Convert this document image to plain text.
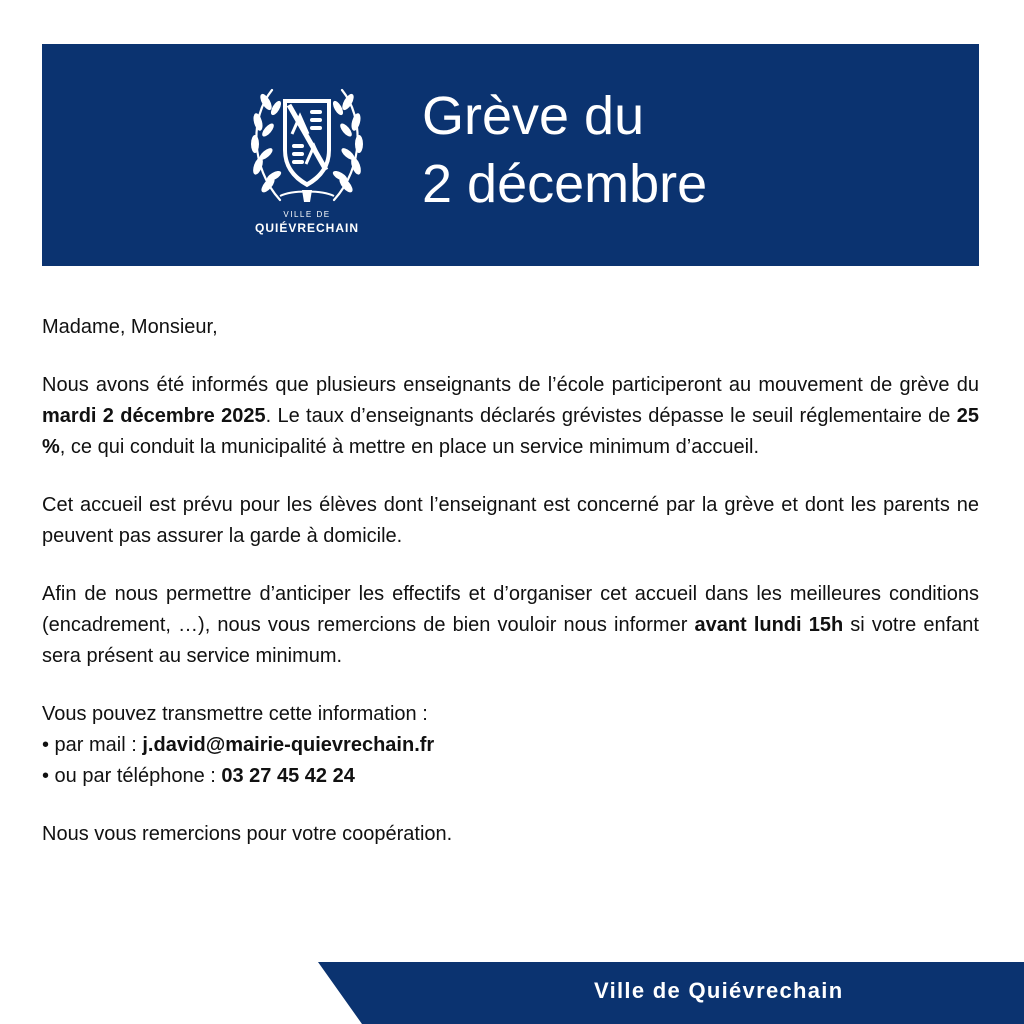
VILLE DE
QUIÉVRECHAIN
Grève du
2 décembre

Madame, Monsieur,

Nous avons été informés que plusieurs enseignants de l’école participeront au mouvement de grève du mardi 2 décembre 2025. Le taux d’enseignants déclarés grévistes dépasse le seuil réglementaire de 25 %, ce qui conduit la municipalité à mettre en place un service minimum d’accueil.

Cet accueil est prévu pour les élèves dont l’enseignant est concerné par la grève et dont les parents ne peuvent pas assurer la garde à domicile.

Afin de nous permettre d’anticiper les effectifs et d’organiser cet accueil dans les meilleures conditions (encadrement, …), nous vous remercions de bien vouloir nous informer avant lundi 15h si votre enfant sera présent au service minimum.

Vous pouvez transmettre cette information :
• par mail : j.david@mairie-quievrechain.fr
• ou par téléphone : 03 27 45 42 24

Nous vous remercions pour votre coopération.

Ville de Quiévrechain
